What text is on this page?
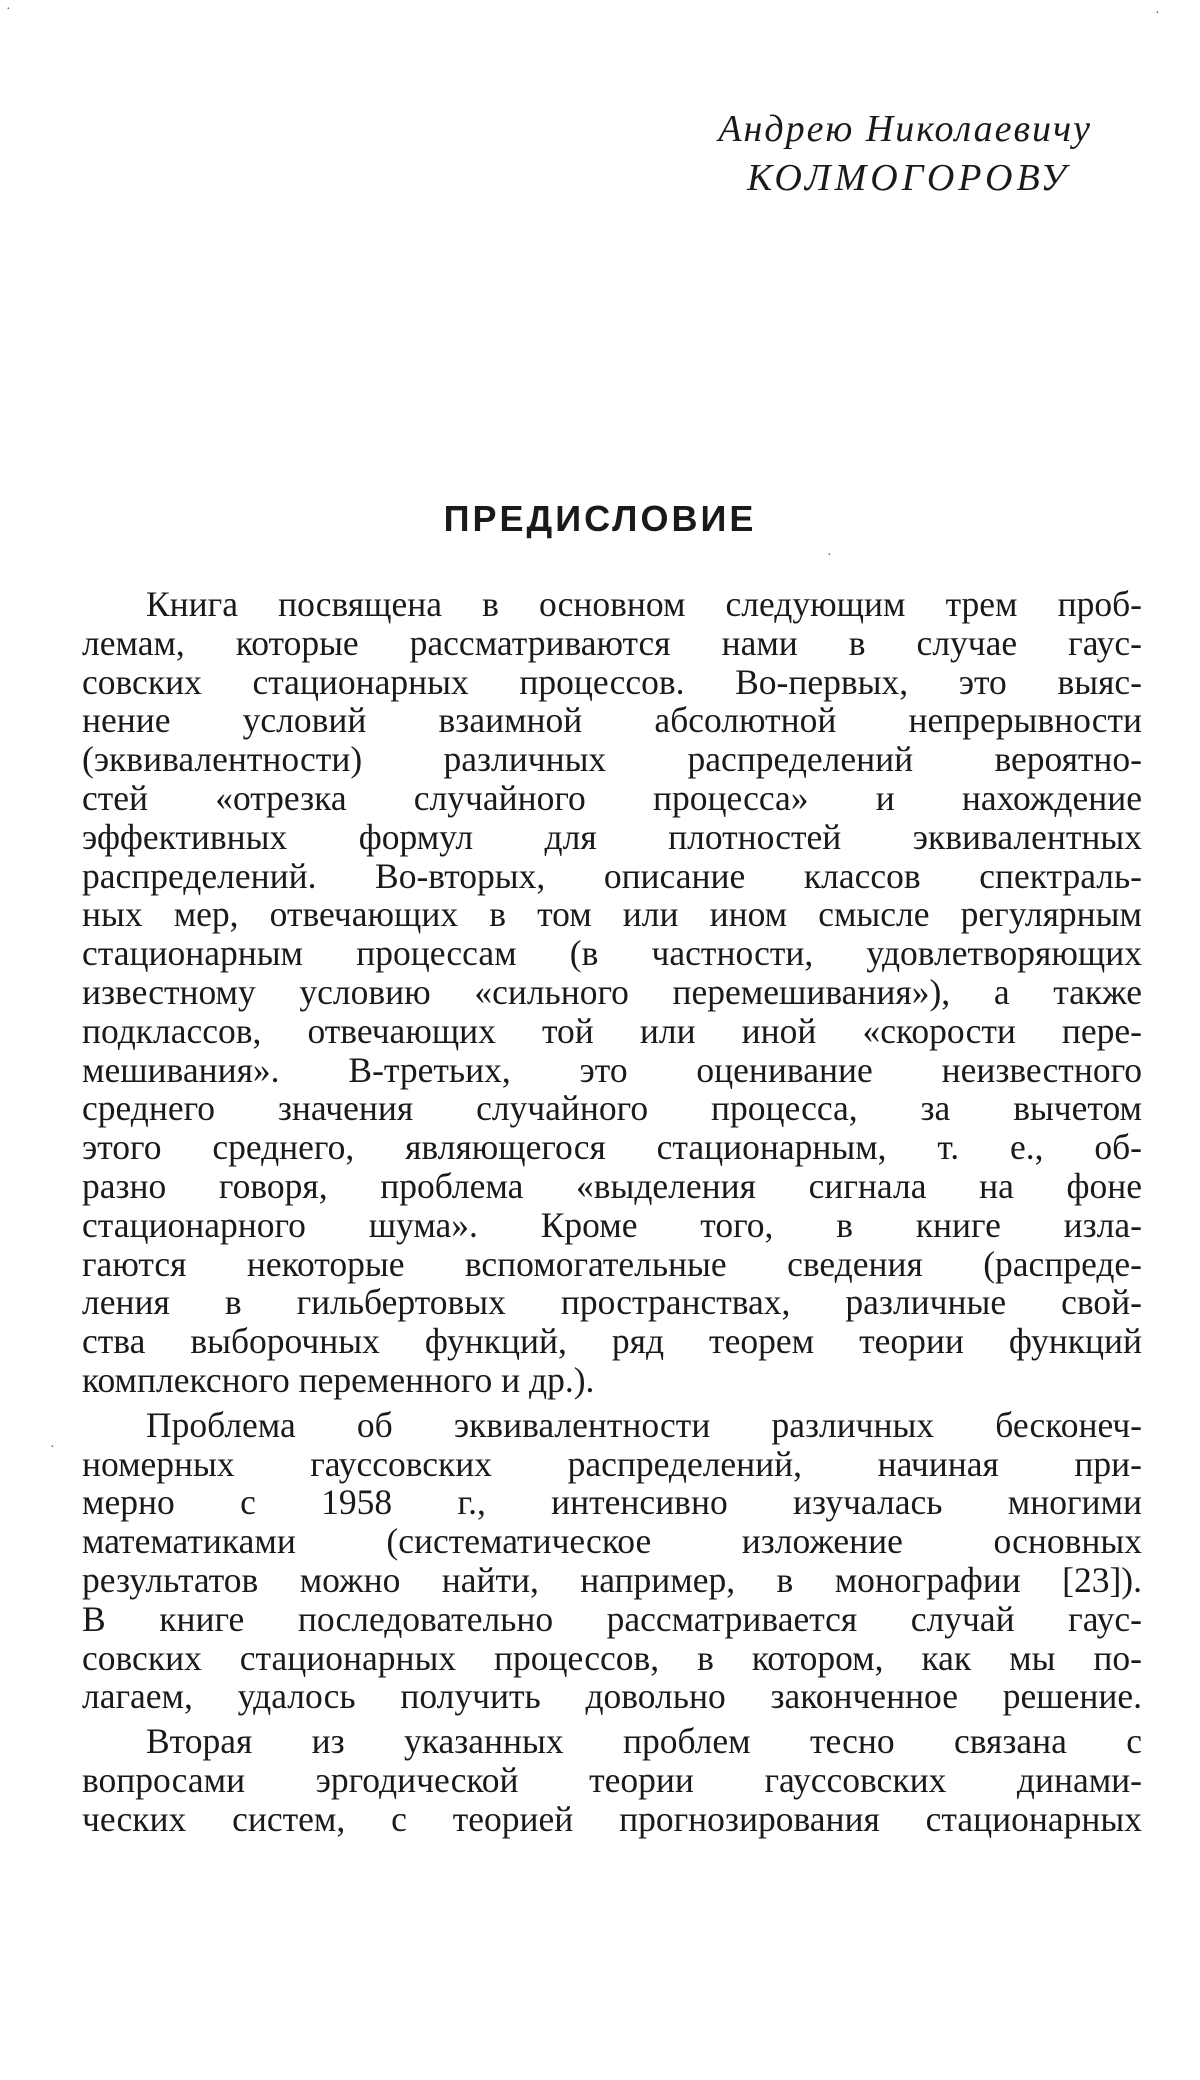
Андрею Николаевичу
КОЛМОГОРОВУ
ПРЕДИСЛОВИЕ
Книга посвящена в основном следующим трем проб-
лемам, которые рассматриваются нами в случае гаус-
совских стационарных процессов. Во-первых, это выяс-
нение условий взаимной абсолютной непрерывности
(эквивалентности) различных распределений вероятно-
стей «отрезка случайного процесса» и нахождение
эффективных формул для плотностей эквивалентных
распределений. Во-вторых, описание классов спектраль-
ных мер, отвечающих в том или ином смысле регулярным
стационарным процессам (в частности, удовлетворяющих
известному условию «сильного перемешивания»), а также
подклассов, отвечающих той или иной «скорости пере-
мешивания». В-третьих, это оценивание неизвестного
среднего значения случайного процесса, за вычетом
этого среднего, являющегося стационарным, т. е., об-
разно говоря, проблема «выделения сигнала на фоне
стационарного шума». Кроме того, в книге изла-
гаются некоторые вспомогательные сведения (распреде-
ления в гильбертовых пространствах, различные свой-
ства выборочных функций, ряд теорем теории функций
комплексного переменного и др.).
Проблема об эквивалентности различных бесконеч-
номерных гауссовских распределений, начиная при-
мерно с 1958 г., интенсивно изучалась многими
математиками (систематическое изложение основных
результатов можно найти, например, в монографии [23]).
В книге последовательно рассматривается случай гаус-
совских стационарных процессов, в котором, как мы по-
лагаем, удалось получить довольно законченное решение.
Вторая из указанных проблем тесно связана с
вопросами эргодической теории гауссовских динами-
ческих систем, с теорией прогнозирования стационарных
·	·
·
·
